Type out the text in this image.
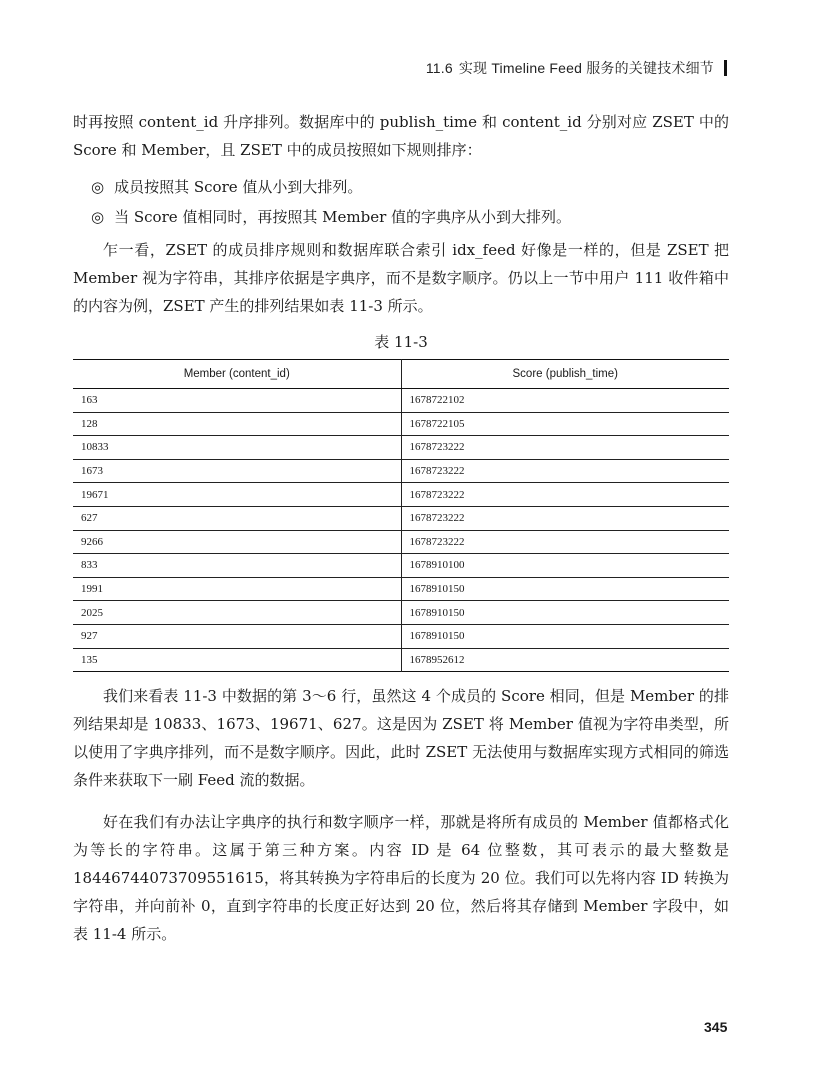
11.6 实现 Timeline Feed 服务的关键技术细节

时再按照 content_id 升序排列。数据库中的 publish_time 和 content_id 分别对应 ZSET 中的 Score 和 Member，且 ZSET 中的成员按照如下规则排序：

◎ 成员按照其 Score 值从小到大排列。
◎ 当 Score 值相同时，再按照其 Member 值的字典序从小到大排列。

乍一看，ZSET 的成员排序规则和数据库联合索引 idx_feed 好像是一样的，但是 ZSET 把 Member 视为字符串，其排序依据是字典序，而不是数字顺序。仍以上一节中用户 111 收件箱中的内容为例，ZSET 产生的排列结果如表 11-3 所示。

表 11-3
Member (content_id)	Score (publish_time)
163	1678722102
128	1678722105
10833	1678723222
1673	1678723222
19671	1678723222
627	1678723222
9266	1678723222
833	1678910100
1991	1678910150
2025	1678910150
927	1678910150
135	1678952612

我们来看表 11-3 中数据的第 3～6 行，虽然这 4 个成员的 Score 相同，但是 Member 的排列结果却是 10833、1673、19671、627。这是因为 ZSET 将 Member 值视为字符串类型，所以使用了字典序排列，而不是数字顺序。因此，此时 ZSET 无法使用与数据库实现方式相同的筛选条件来获取下一刷 Feed 流的数据。

好在我们有办法让字典序的执行和数字顺序一样，那就是将所有成员的 Member 值都格式化为等长的字符串。这属于第三种方案。内容 ID 是 64 位整数，其可表示的最大整数是 18446744073709551615，将其转换为字符串后的长度为 20 位。我们可以先将内容 ID 转换为字符串，并向前补 0，直到字符串的长度正好达到 20 位，然后将其存储到 Member 字段中，如表 11-4 所示。

345
